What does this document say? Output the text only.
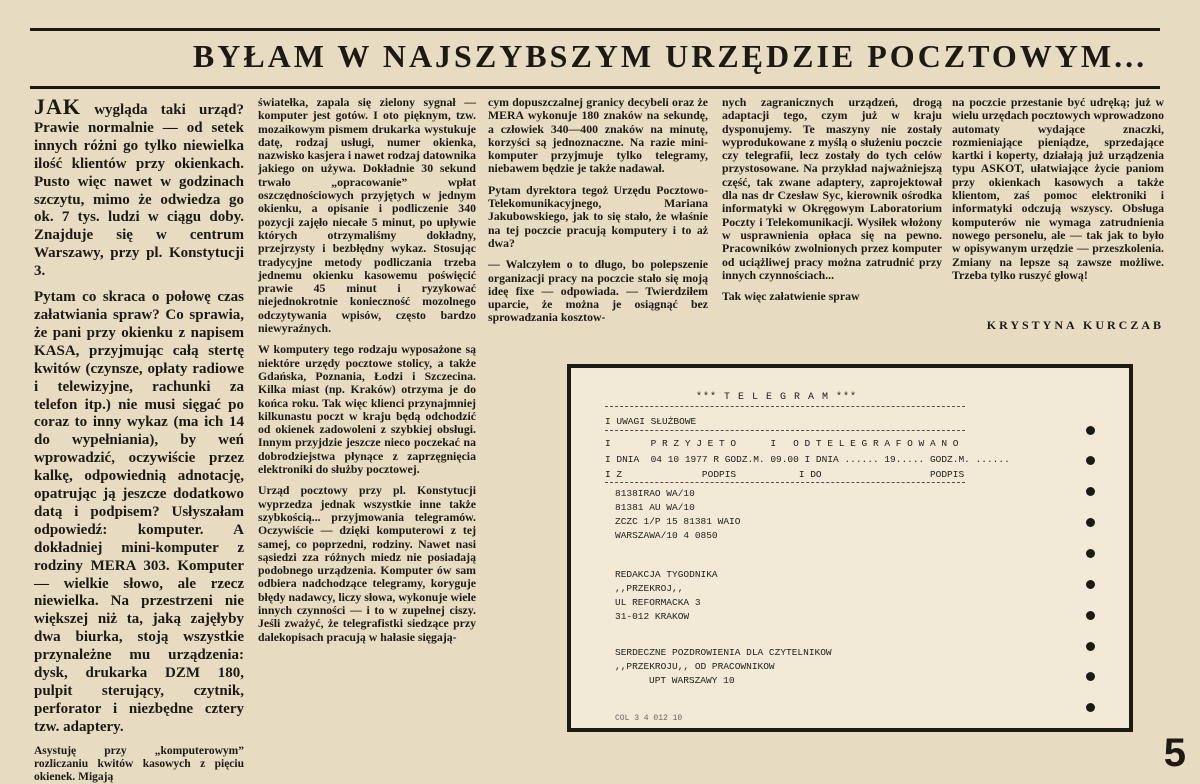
BYŁAM W NAJSZYBSZYM URZĘDZIE POCZTOWYM...

JAK wygląda taki urząd? Prawie normalnie — od setek innych różni go tylko niewielka ilość klientów przy okienkach. Pusto więc nawet w godzinach szczytu, mimo że odwiedza go ok. 7 tys. ludzi w ciągu doby. Znajduje się w centrum Warszawy, przy pl. Konstytucji 3.

Pytam co skraca o połowę czas załatwiania spraw? Co sprawia, że pani przy okienku z napisem KASA, przyjmując całą stertę kwitów (czynsze, opłaty radiowe i telewizyjne, rachunki za telefon itp.) nie musi sięgać po coraz to inny wykaz (ma ich 14 do wypełniania), by weń wprowadzić, oczywiście przez kalkę, odpowiednią adnotację, opatrując ją jeszcze dodatkowo datą i podpisem? Usłyszałam odpowiedź: komputer. A dokładniej mini-komputer z rodziny MERA 303. Komputer — wielkie słowo, ale rzecz niewielka. Na przestrzeni nie większej niż ta, jaką zajęłyby dwa biurka, stoją wszystkie przynależne mu urządzenia: dysk, drukarka DZM 180, pulpit sterujący, czytnik, perforator i niezbędne cztery tzw. adaptery.

Asystuję przy „komputerowym” rozliczaniu kwitów kasowych z pięciu okienek. Migają

światełka, zapala się zielony sygnał — komputer jest gotów. I oto pięknym, tzw. mozaikowym pismem drukarka wystukuje datę, rodzaj usługi, numer okienka, nazwisko kasjera i nawet rodzaj datownika jakiego on używa. Dokładnie 30 sekund trwało „opracowanie” wpłat oszczędnościowych przyjętych w jednym okienku, a opisanie i podliczenie 340 pozycji zajęło niecałe 5 minut, po upływie których otrzymaliśmy dokładny, przejrzysty i bezbłędny wykaz. Stosując tradycyjne metody podliczania trzeba jednemu okienku kasowemu poświęcić prawie 45 minut i ryzykować niejednokrotnie konieczność mozolnego odczytywania wpisów, często bardzo niewyraźnych.

W komputery tego rodzaju wyposażone są niektóre urzędy pocztowe stolicy, a także Gdańska, Poznania, Łodzi i Szczecina. Kilka miast (np. Kraków) otrzyma je do końca roku. Tak więc klienci przynajmniej kilkunastu poczt w kraju będą odchodzić od okienek zadowoleni z szybkiej obsługi. Innym przyjdzie jeszcze nieco poczekać na dobrodziejstwa płynące z zaprzęgnięcia elektroniki do służby pocztowej.

Urząd pocztowy przy pl. Konstytucji wyprzedza jednak wszystkie inne także szybkością... przyjmowania telegramów. Oczywiście — dzięki komputerowi z tej samej, co poprzedni, rodziny. Nawet nasi sąsiedzi zza różnych miedz nie posiadają podobnego urządzenia. Komputer ów sam odbiera nadchodzące telegramy, koryguje błędy nadawcy, liczy słowa, wykonuje wiele innych czynności — i to w zupełnej ciszy. Jeśli zważyć, że telegrafistki siedzące przy dalekopisach pracują w hałasie sięgają-

cym dopuszczalnej granicy decybeli oraz że MERA wykonuje 180 znaków na sekundę, a człowiek 340—400 znaków na minutę, korzyści są jednoznaczne. Na razie mini-komputer przyjmuje tylko telegramy, niebawem będzie je także nadawał.

Pytam dyrektora tegoż Urzędu Pocztowo-Telekomunikacyjnego, Mariana Jakubowskiego, jak to się stało, że właśnie na tej poczcie pracują komputery i to aż dwa?

— Walczyłem o to długo, bo polepszenie organizacji pracy na poczcie stało się moją ideę fixe — odpowiada. — Twierdziłem uparcie, że można je osiągnąć bez sprowadzania kosztow-

nych zagranicznych urządzeń, drogą adaptacji tego, czym już w kraju dysponujemy. Te maszyny nie zostały wyprodukowane z myślą o służeniu poczcie czy telegrafii, lecz zostały do tych celów przystosowane. Na przykład najważniejszą część, tak zwane adaptery, zaprojektował dla nas dr Czesław Syc, kierownik ośrodka informatyki w Okręgowym Laboratorium Poczty i Telekomunikacji. Wysiłek włożony w usprawnienia opłaca się na pewno. Pracowników zwolnionych przez komputer od uciążliwej pracy można zatrudnić przy innych czynnościach...

Tak więc załatwienie spraw

na poczcie przestanie być udręką; już w wielu urzędach pocztowych wprowadzono automaty wydające znaczki, rozmieniające pieniądze, sprzedające kartki i koperty, działają już urządzenia typu ASKOT, ułatwiające życie paniom przy okienkach kasowych a także klientom, zaś pomoc elektroniki i informatyki odczują wszyscy. Obsługa komputerów nie wymaga zatrudnienia nowego personelu, ale — tak jak to było w opisywanym urzędzie — przeszkolenia. Zmiany na lepsze są zawsze możliwe. Trzeba tylko ruszyć głową!

KRYSTYNA KURCZAB
*** T E L E G R A M ***
I UWAGI SŁUŻBOWE
I       P R Z Y J E T O      I   O D T E L E G R A F O W A N O
I DNIA  04 10 1977 R GODZ.M. 09.00 I DNIA ...... 19..... GODZ.M. ......
I Z              PODPIS           I DO                   PODPIS
8138IRAO WA/10
81381 AU WA/10
ZCZC 1/P 15 81381 WAIO
WARSZAWA/10 4 0850
REDAKCJA TYGODNIKA
,,PRZEKROJ,,
UL REFORMACKA 3
31-012 KRAKOW
SERDECZNE POZDROWIENIA DLA CZYTELNIKOW
,,PRZEKROJU,, OD PRACOWNIKOW
UPT WARSZAWY 10
COL 3 4 012 10
5
